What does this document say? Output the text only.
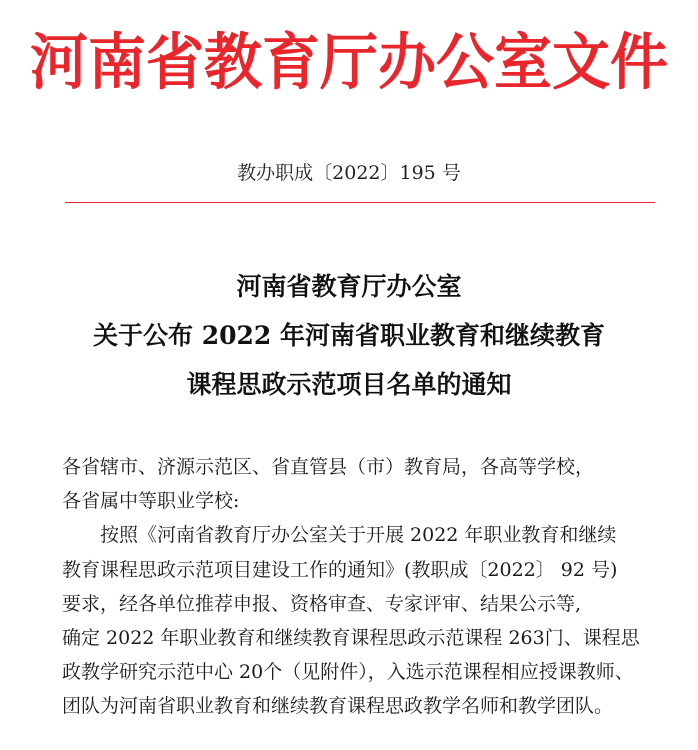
河南省教育厅办公室文件
教办职成〔2022〕195 号
河南省教育厅办公室
关于公布 2022 年河南省职业教育和继续教育
课程思政示范项目名单的通知

各省辖市、济源示范区、省直管县（市）教育局，各高等学校，

各省属中等职业学校:

按照《河南省教育厅办公室关于开展 2022 年职业教育和继续

教育课程思政示范项目建设工作的通知》(教职成〔2022〕 92 号)

要求，经各单位推荐申报、资格审查、专家评审、结果公示等,

确定 2022 年职业教育和继续教育课程思政示范课程 263门、课程思

政教学研究示范中心 20个（见附件），入选示范课程相应授课教师、

团队为河南省职业教育和继续教育课程思政教学名师和教学团队。
